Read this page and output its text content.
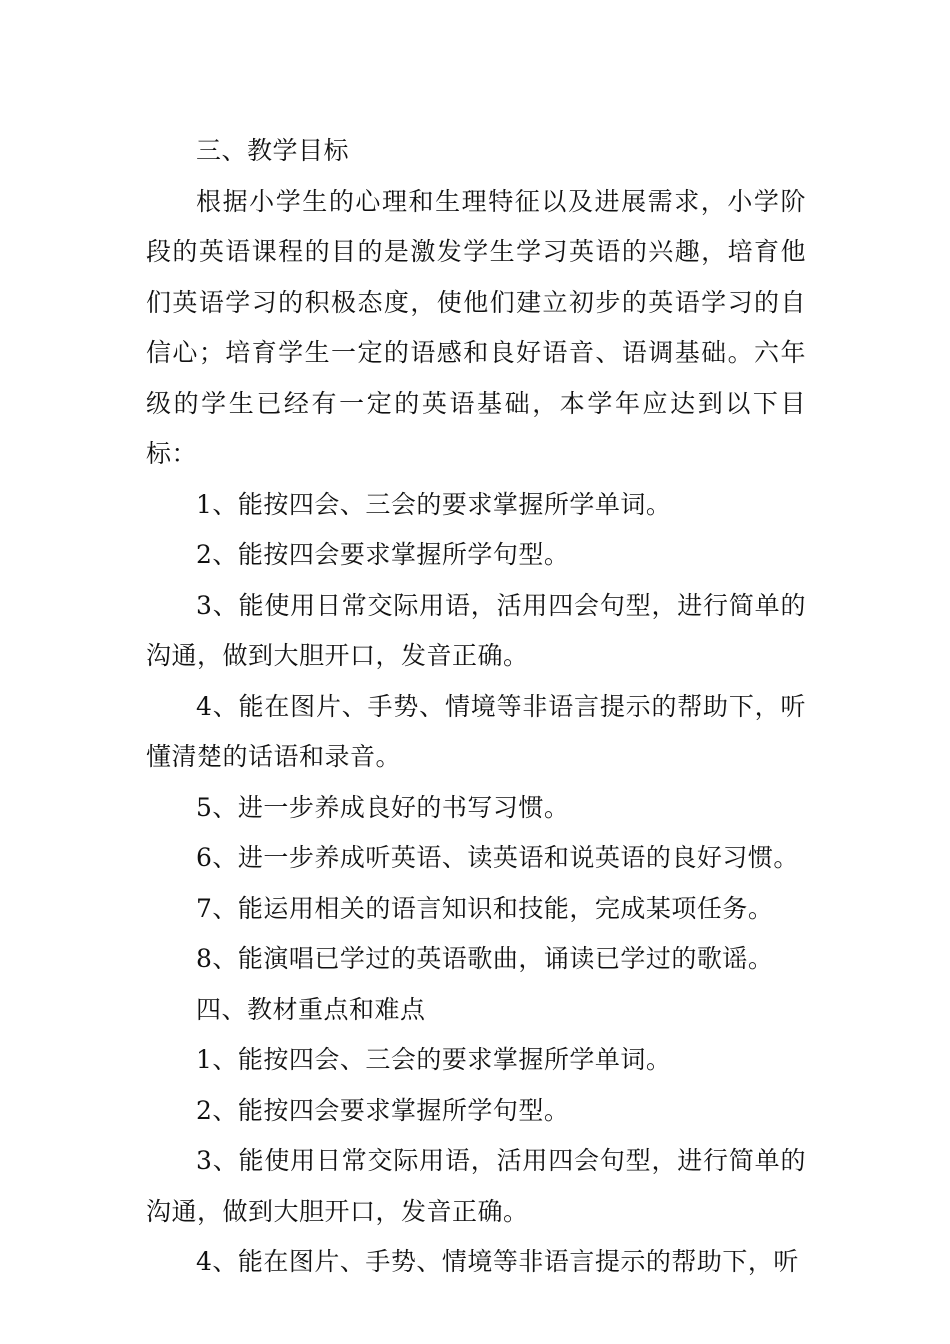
三、教学目标

根据小学生的心理和生理特征以及进展需求，小学阶段的英语课程的目的是激发学生学习英语的兴趣，培育他们英语学习的积极态度，使他们建立初步的英语学习的自信心；培育学生一定的语感和良好语音、语调基础。六年级的学生已经有一定的英语基础，本学年应达到以下目标：

1、能按四会、三会的要求掌握所学单词。

2、能按四会要求掌握所学句型。

3、能使用日常交际用语，活用四会句型，进行简单的沟通，做到大胆开口，发音正确。

4、能在图片、手势、情境等非语言提示的帮助下，听懂清楚的话语和录音。

5、进一步养成良好的书写习惯。

6、进一步养成听英语、读英语和说英语的良好习惯。

7、能运用相关的语言知识和技能，完成某项任务。

8、能演唱已学过的英语歌曲，诵读已学过的歌谣。

四、教材重点和难点

1、能按四会、三会的要求掌握所学单词。

2、能按四会要求掌握所学句型。

3、能使用日常交际用语，活用四会句型，进行简单的沟通，做到大胆开口，发音正确。

4、能在图片、手势、情境等非语言提示的帮助下，听
